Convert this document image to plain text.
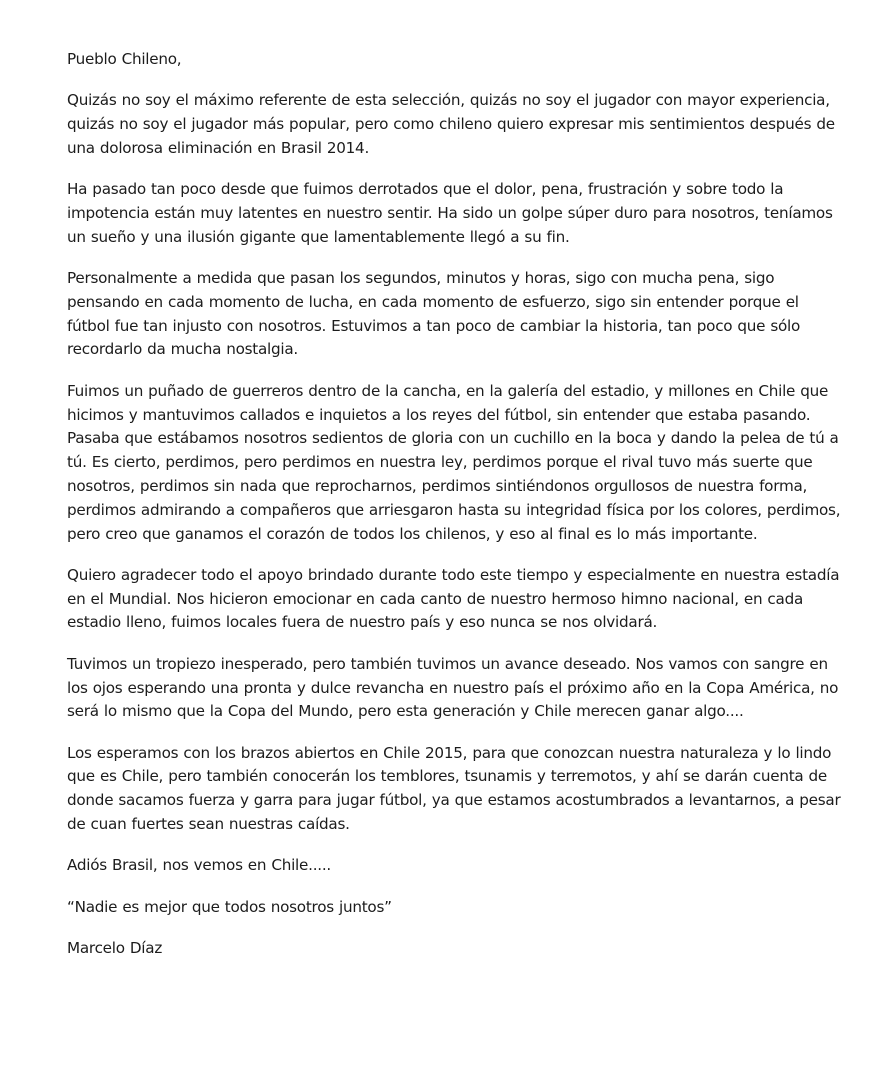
Pueblo Chileno,

Quizás no soy el máximo referente de esta selección, quizás no soy el jugador con mayor experiencia, quizás no soy el jugador más popular, pero como chileno quiero expresar mis sentimientos después de una dolorosa eliminación en Brasil 2014.

Ha pasado tan poco desde que fuimos derrotados que el dolor, pena, frustración y sobre todo la impotencia están muy latentes en nuestro sentir. Ha sido un golpe súper duro para nosotros, teníamos un sueño y una ilusión gigante que lamentablemente llegó a su fin.

Personalmente a medida que pasan los segundos, minutos y horas, sigo con mucha pena, sigo pensando en cada momento de lucha, en cada momento de esfuerzo, sigo sin entender porque el fútbol fue tan injusto con nosotros. Estuvimos a tan poco de cambiar la historia, tan poco que sólo recordarlo da mucha nostalgia.

Fuimos un puñado de guerreros dentro de la cancha, en la galería del estadio, y millones en Chile que hicimos y mantuvimos callados e inquietos a los reyes del fútbol, sin entender que estaba pasando. Pasaba que estábamos nosotros sedientos de gloria con un cuchillo en la boca y dando la pelea de tú a tú. Es cierto, perdimos, pero perdimos en nuestra ley, perdimos porque el rival tuvo más suerte que nosotros, perdimos sin nada que reprocharnos, perdimos sintiéndonos orgullosos de nuestra forma, perdimos admirando a compañeros que arriesgaron hasta su integridad física por los colores, perdimos, pero creo que ganamos el corazón de todos los chilenos, y eso al final es lo más importante.

Quiero agradecer todo el apoyo brindado durante todo este tiempo y especialmente en nuestra estadía en el Mundial. Nos hicieron emocionar en cada canto de nuestro hermoso himno nacional, en cada estadio lleno, fuimos locales fuera de nuestro país y eso nunca se nos olvidará.

Tuvimos un tropiezo inesperado, pero también tuvimos un avance deseado. Nos vamos con sangre en los ojos esperando una pronta y dulce revancha en nuestro país el próximo año en la Copa América, no será lo mismo que la Copa del Mundo, pero esta generación y Chile merecen ganar algo....

Los esperamos con los brazos abiertos en Chile 2015, para que conozcan nuestra naturaleza y lo lindo que es Chile, pero también conocerán los temblores, tsunamis y terremotos, y ahí se darán cuenta de donde sacamos fuerza y garra para jugar fútbol, ya que estamos acostumbrados a levantarnos, a pesar de cuan fuertes sean nuestras caídas.

Adiós Brasil, nos vemos en Chile.....

“Nadie es mejor que todos nosotros juntos”

Marcelo Díaz
